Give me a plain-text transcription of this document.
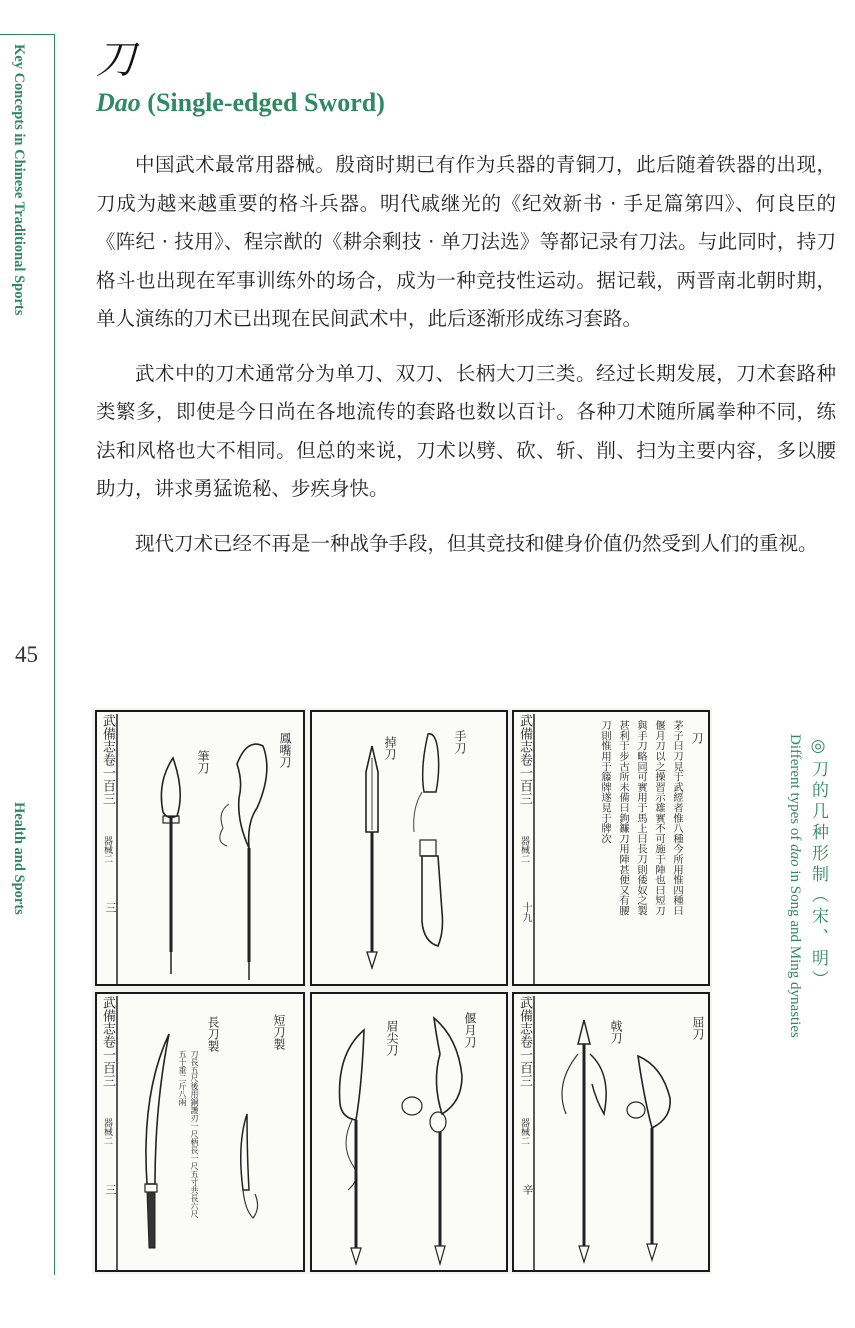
Key Concepts in Chinese Traditional Sports
45
Health and Sports
刀
Dao (Single-edged Sword)

中国武术最常用器械。殷商时期已有作为兵器的青铜刀，此后随着铁器的出现，刀成为越来越重要的格斗兵器。明代戚继光的《纪效新书 · 手足篇第四》、何良臣的《阵纪 · 技用》、程宗猷的《耕余剩技 · 单刀法选》等都记录有刀法。与此同时，持刀格斗也出现在军事训练外的场合，成为一种竞技性运动。据记载，两晋南北朝时期，单人演练的刀术已出现在民间武术中，此后逐渐形成练习套路。

武术中的刀术通常分为单刀、双刀、长柄大刀三类。经过长期发展，刀术套路种类繁多，即使是今日尚在各地流传的套路也数以百计。各种刀术随所属拳种不同，练法和风格也大不相同。但总的来说，刀术以劈、砍、斩、削、扫为主要内容，多以腰助力，讲求勇猛诡秘、步疾身快。

现代刀术已经不再是一种战争手段，但其竞技和健身价值仍然受到人们的重视。

武備志卷一百三
器械二
三
筆刀	鳳嘴刀	掉刀	手刀	武備志卷一百三
器械二
十九
刀
茅子曰刀見于武經者惟八種今所用惟四種曰
偃月刀以之操習示雄實不可施于陣也曰短刀
與手刀略同可實用于馬上曰長刀則倭奴之製
甚利于步古所未備曰鉤鐮刀用陣甚便又有腰
刀則惟用于籐牌遂見于牌次
武備志卷一百三
器械二
三
長刀製	短刀製
刀長五尺後用銅護刃一尺柄長一尺五寸共長六尺
五十重二斤八兩
眉尖刀	偃月刀	武備志卷一百三
器械二
辛
戟刀	屈刀
◎刀的几种形制（宋、明）
Different types of dao in Song and Ming dynasties
